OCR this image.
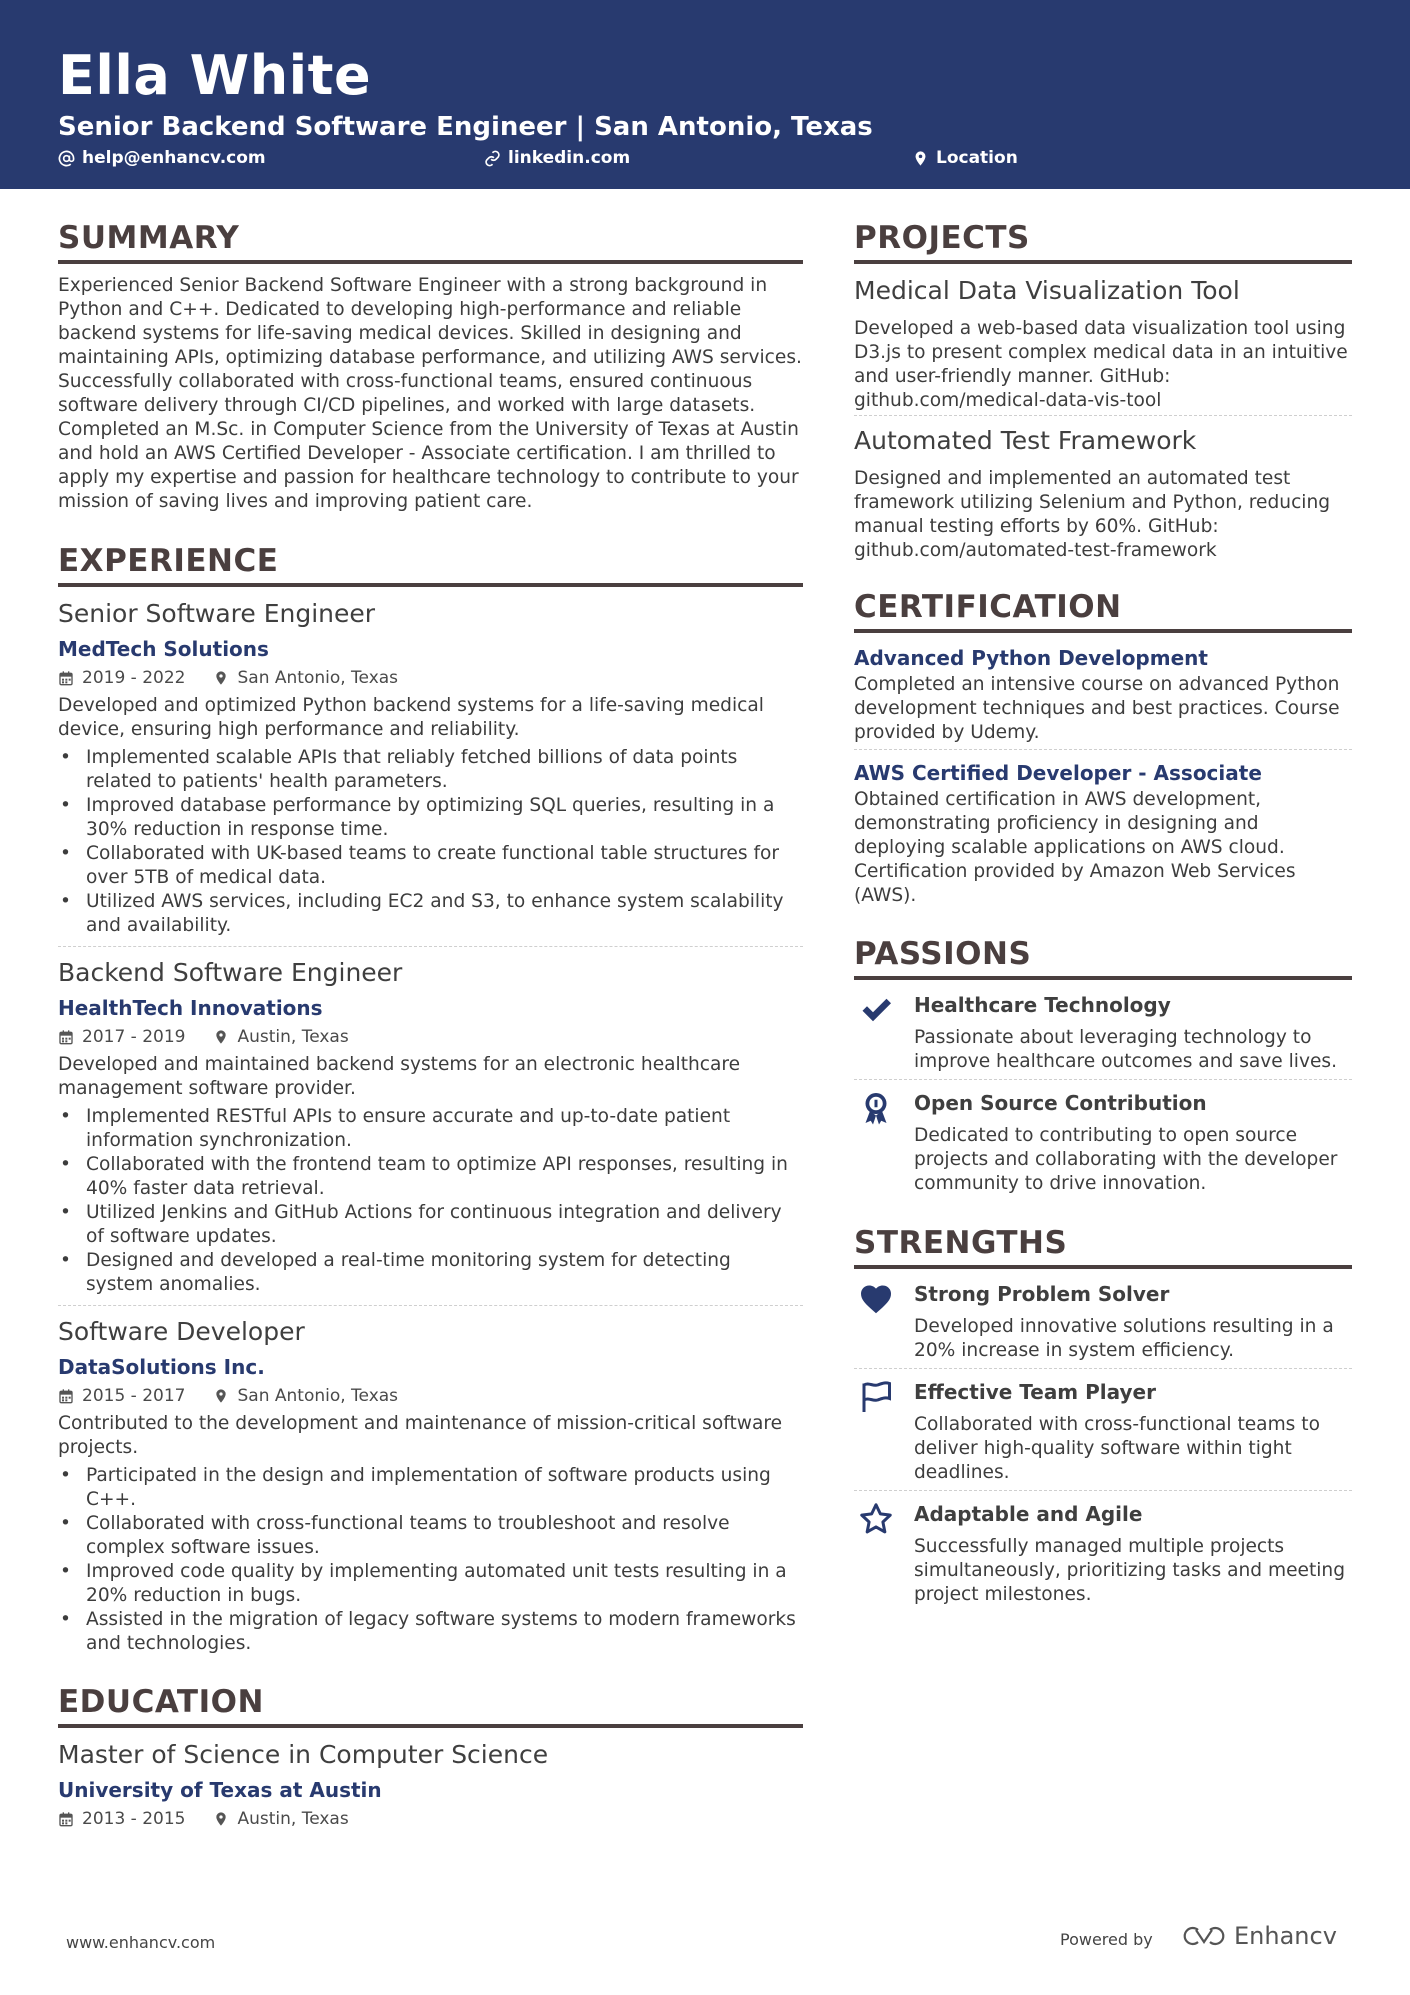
Ella White
Senior Backend Software Engineer | San Antonio, Texas
help@enhancv.com	linkedin.com	Location
SUMMARY

Experienced Senior Backend Software Engineer with a strong background in Python and C++. Dedicated to developing high-performance and reliable backend systems for life-saving medical devices. Skilled in designing and maintaining APIs, optimizing database performance, and utilizing AWS services. Successfully collaborated with cross-functional teams, ensured continuous software delivery through CI/CD pipelines, and worked with large datasets. Completed an M.Sc. in Computer Science from the University of Texas at Austin and hold an AWS Certified Developer - Associate certification. I am thrilled to apply my expertise and passion for healthcare technology to contribute to your mission of saving lives and improving patient care.

EXPERIENCE
Senior Software Engineer
MedTech Solutions
2019 - 2022	San Antonio, Texas

Developed and optimized Python backend systems for a life-saving medical device, ensuring high performance and reliability.

• Implemented scalable APIs that reliably fetched billions of data points related to patients' health parameters.
• Improved database performance by optimizing SQL queries, resulting in a 30% reduction in response time.
• Collaborated with UK-based teams to create functional table structures for over 5TB of medical data.
• Utilized AWS services, including EC2 and S3, to enhance system scalability and availability.
Backend Software Engineer
HealthTech Innovations
2017 - 2019	Austin, Texas

Developed and maintained backend systems for an electronic healthcare management software provider.

• Implemented RESTful APIs to ensure accurate and up-to-date patient information synchronization.
• Collaborated with the frontend team to optimize API responses, resulting in 40% faster data retrieval.
• Utilized Jenkins and GitHub Actions for continuous integration and delivery of software updates.
• Designed and developed a real-time monitoring system for detecting system anomalies.
Software Developer
DataSolutions Inc.
2015 - 2017	San Antonio, Texas

Contributed to the development and maintenance of mission-critical software projects.

• Participated in the design and implementation of software products using C++.
• Collaborated with cross-functional teams to troubleshoot and resolve complex software issues.
• Improved code quality by implementing automated unit tests resulting in a 20% reduction in bugs.
• Assisted in the migration of legacy software systems to modern frameworks and technologies.
EDUCATION
Master of Science in Computer Science
University of Texas at Austin
2013 - 2015	Austin, Texas
PROJECTS
Medical Data Visualization Tool

Developed a web-based data visualization tool using D3.js to present complex medical data in an intuitive and user-friendly manner. GitHub: github.com/medical-data-vis-tool

Automated Test Framework

Designed and implemented an automated test framework utilizing Selenium and Python, reducing manual testing efforts by 60%. GitHub: github.com/automated-test-framework

CERTIFICATION
Advanced Python Development

Completed an intensive course on advanced Python development techniques and best practices. Course provided by Udemy.

AWS Certified Developer - Associate

Obtained certification in AWS development, demonstrating proficiency in designing and deploying scalable applications on AWS cloud. Certification provided by Amazon Web Services (AWS).

PASSIONS
Healthcare Technology

Passionate about leveraging technology to improve healthcare outcomes and save lives.

Open Source Contribution

Dedicated to contributing to open source projects and collaborating with the developer community to drive innovation.

STRENGTHS
Strong Problem Solver

Developed innovative solutions resulting in a 20% increase in system efficiency.

Effective Team Player

Collaborated with cross-functional teams to deliver high-quality software within tight deadlines.

Adaptable and Agile

Successfully managed multiple projects simultaneously, prioritizing tasks and meeting project milestones.

www.enhancv.com	Powered by	Enhancv
